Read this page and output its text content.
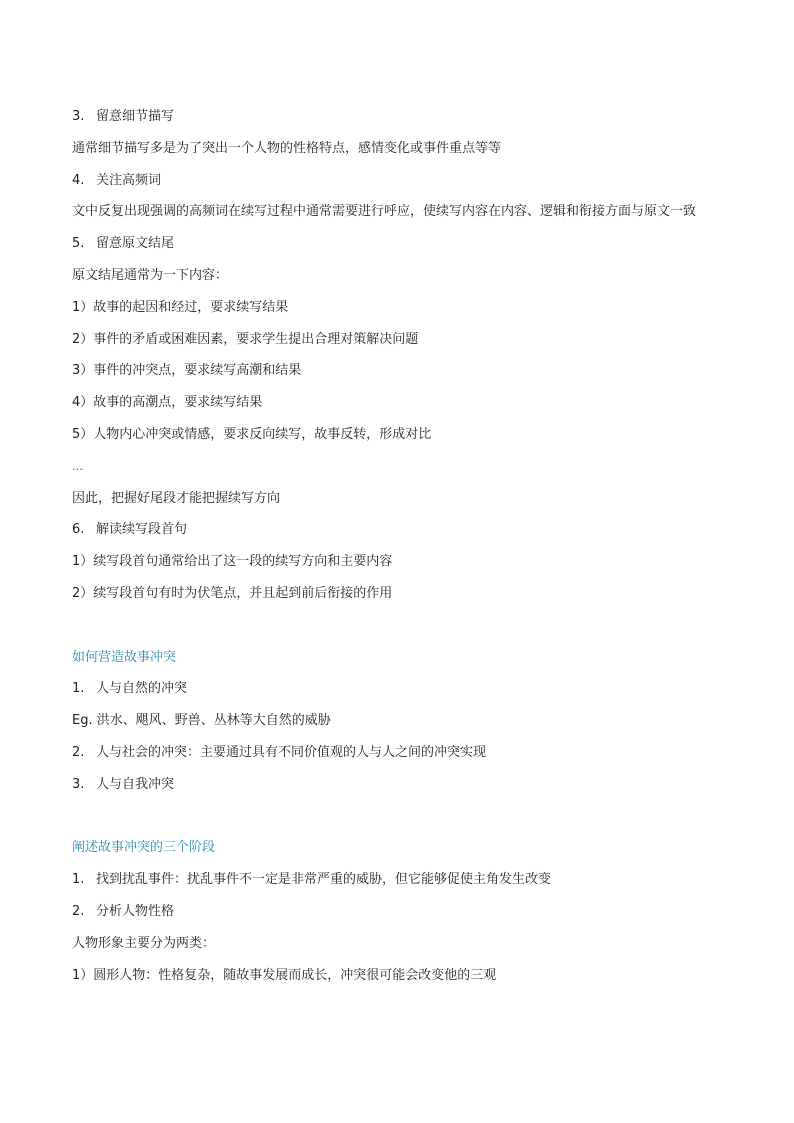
3. 留意细节描写
通常细节描写多是为了突出一个人物的性格特点，感情变化或事件重点等等
4. 关注高频词
文中反复出现强调的高频词在续写过程中通常需要进行呼应，使续写内容在内容、逻辑和衔接方面与原文一致
5. 留意原文结尾
原文结尾通常为一下内容：
1）故事的起因和经过，要求续写结果
2）事件的矛盾或困难因素，要求学生提出合理对策解决问题
3）事件的冲突点，要求续写高潮和结果
4）故事的高潮点，要求续写结果
5）人物内心冲突或情感，要求反向续写，故事反转，形成对比
…
因此，把握好尾段才能把握续写方向
6. 解读续写段首句
1）续写段首句通常给出了这一段的续写方向和主要内容
2）续写段首句有时为伏笔点，并且起到前后衔接的作用
如何营造故事冲突
1. 人与自然的冲突
Eg. 洪水、飓风、野兽、丛林等大自然的威胁
2. 人与社会的冲突：主要通过具有不同价值观的人与人之间的冲突实现
3. 人与自我冲突
阐述故事冲突的三个阶段
1. 找到扰乱事件：扰乱事件不一定是非常严重的威胁，但它能够促使主角发生改变
2. 分析人物性格
人物形象主要分为两类：
1）圆形人物：性格复杂，随故事发展而成长，冲突很可能会改变他的三观
